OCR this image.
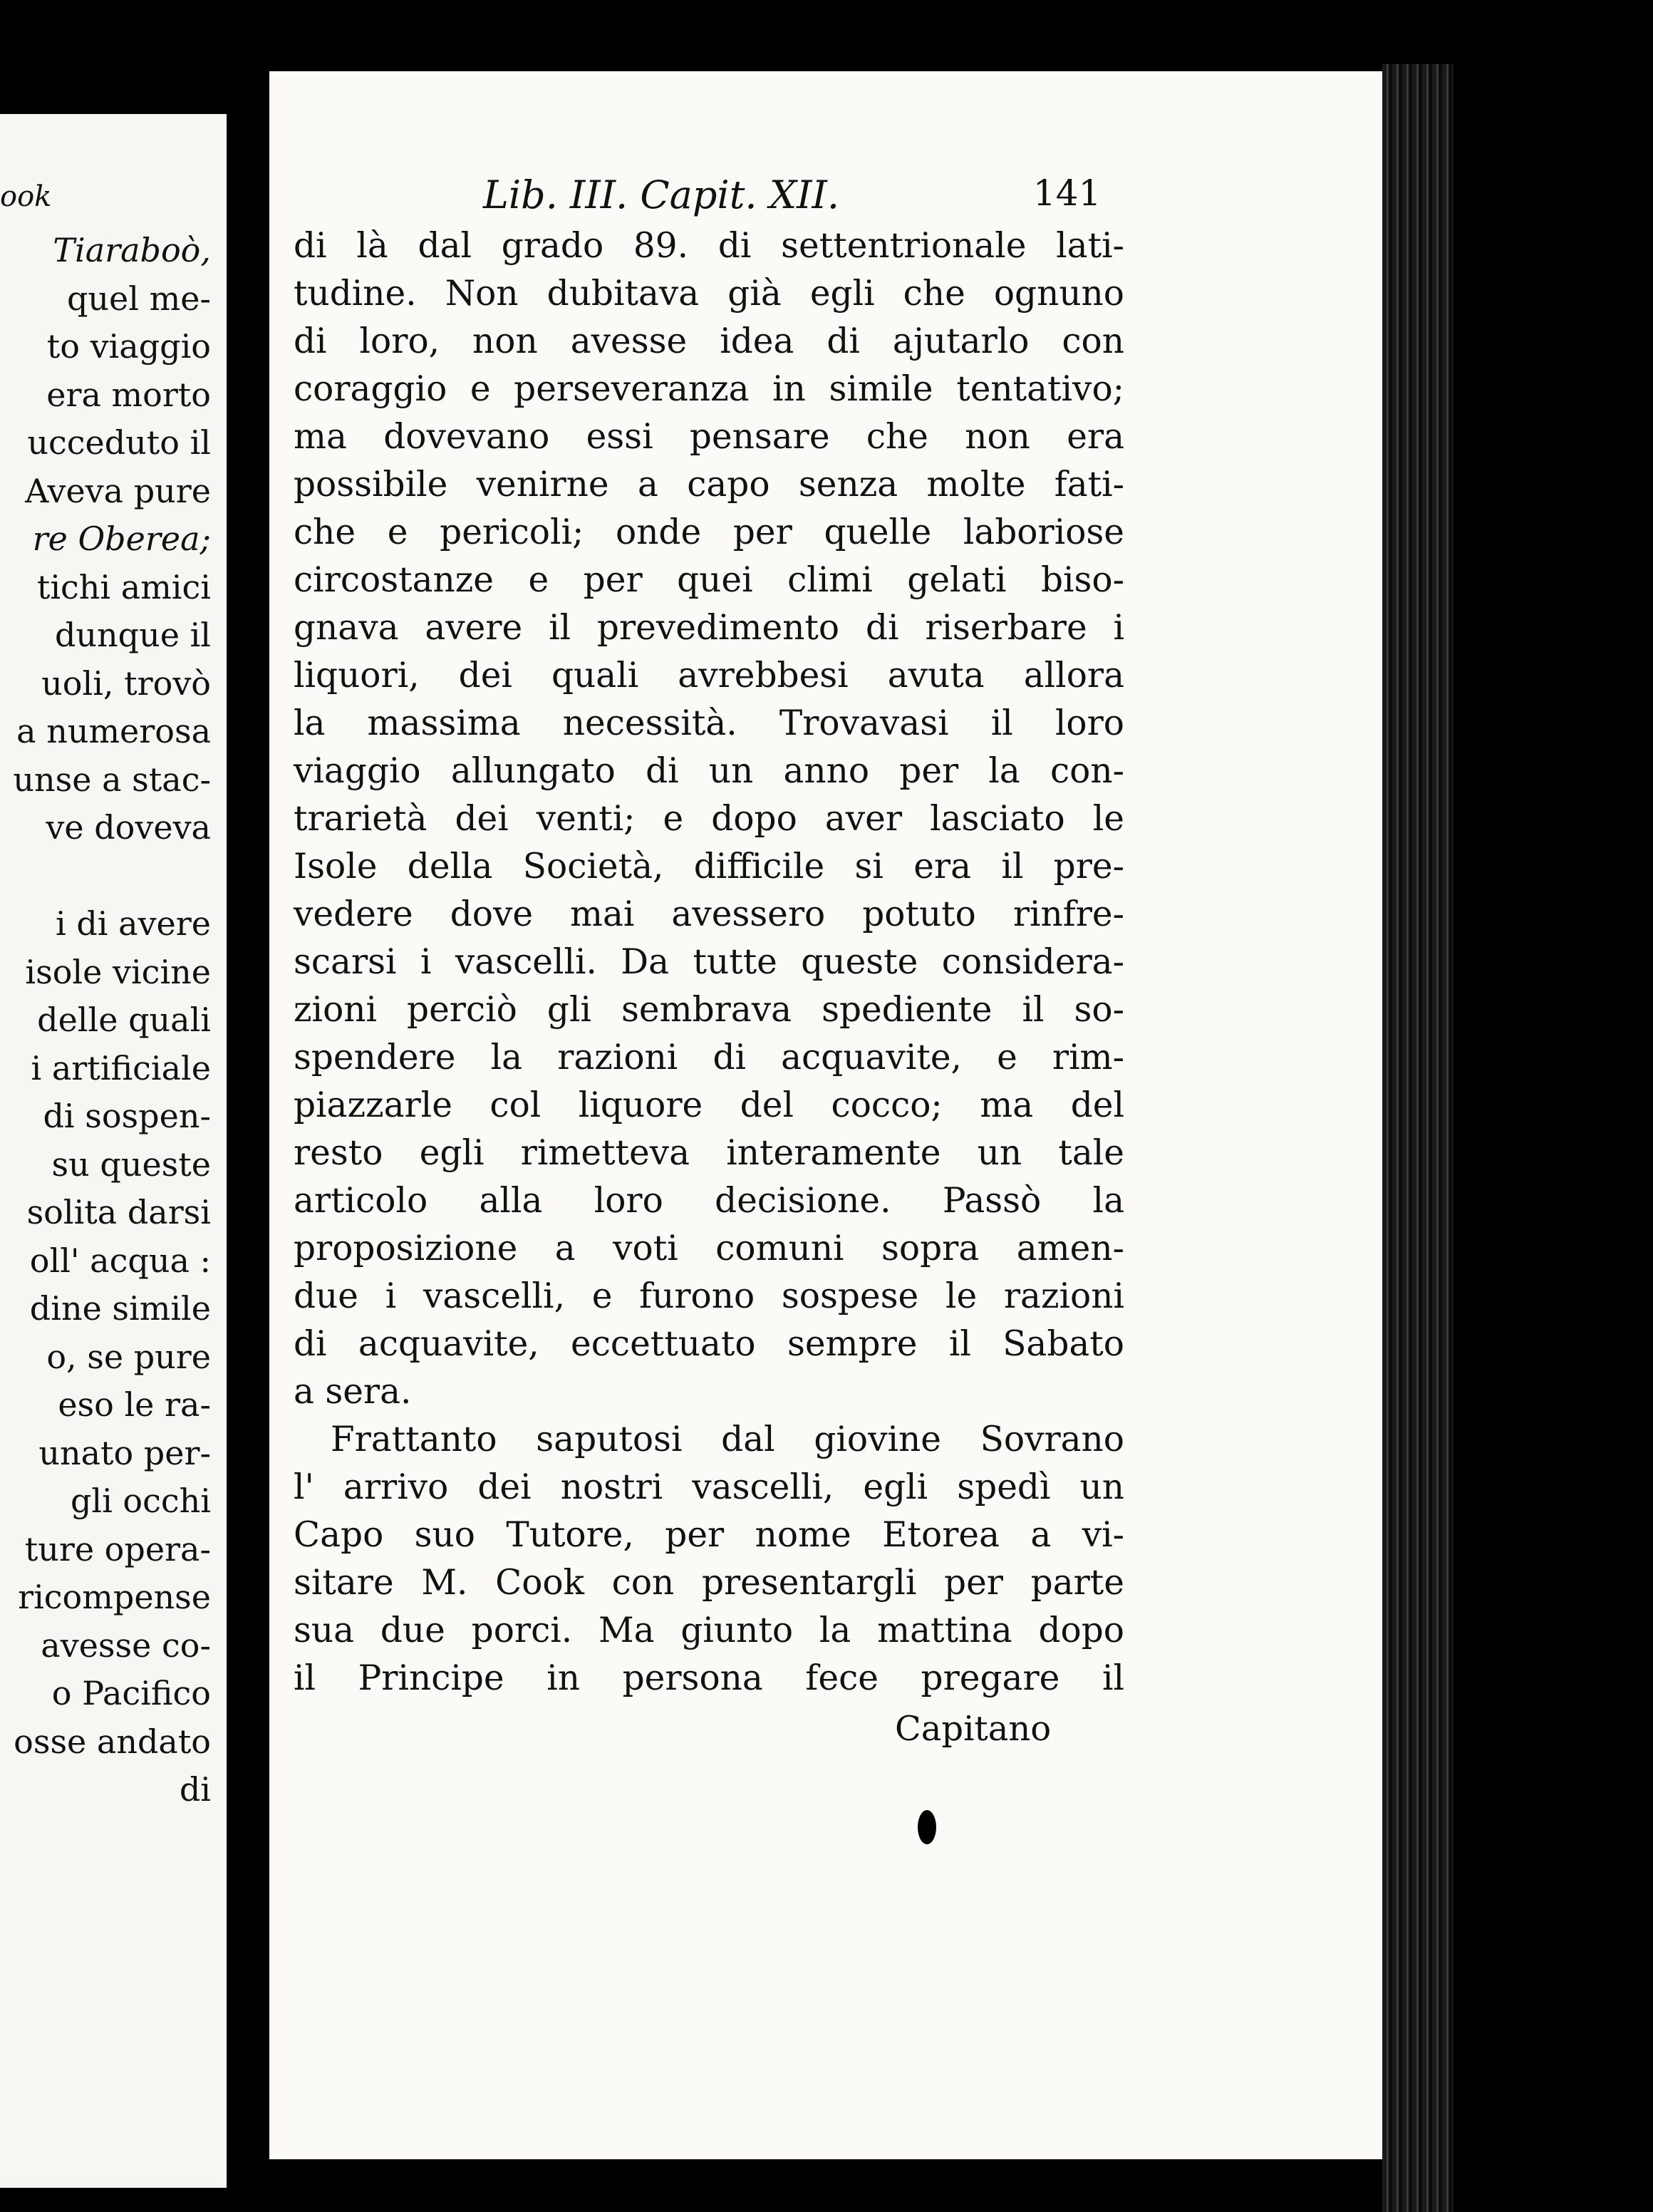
ook
Tiaraboò,
quel me-
to viaggio
era morto
ucceduto il
Aveva pure
re Oberea;
tichi amici
dunque il
uoli, trovò
a numerosa
unse a stac-
ve doveva
i di avere
isole vicine
delle quali
i artificiale
di sospen-
su queste
solita darsi
oll' acqua :
dine simile
o, se pure
eso le ra-
unato per-
gli occhi
ture opera-
ricompense
avesse co-
o Pacifico
osse andato
di
Lib. III. Capit. XII.	141
di là dal grado 89. di settentrionale lati-
tudine. Non dubitava già egli che ognuno
di loro, non avesse idea di ajutarlo con
coraggio e perseveranza in simile tentativo;
ma dovevano essi pensare che non era
possibile venirne a capo senza molte fati-
che e pericoli; onde per quelle laboriose
circostanze e per quei climi gelati biso-
gnava avere il prevedimento di riserbare i
liquori, dei quali avrebbesi avuta allora
la massima necessità. Trovavasi il loro
viaggio allungato di un anno per la con-
trarietà dei venti; e dopo aver lasciato le
Isole della Società, difficile si era il pre-
vedere dove mai avessero potuto rinfre-
scarsi i vascelli. Da tutte queste considera-
zioni perciò gli sembrava spediente il so-
spendere la razioni di acquavite, e rim-
piazzarle col liquore del cocco; ma del
resto egli rimetteva interamente un tale
articolo alla loro decisione. Passò la
proposizione a voti comuni sopra amen-
due i vascelli, e furono sospese le razioni
di acquavite, eccettuato sempre il Sabato
a sera.
Frattanto saputosi dal giovine Sovrano
l' arrivo dei nostri vascelli, egli spedì un
Capo suo Tutore, per nome Etorea a vi-
sitare M. Cook con presentargli per parte
sua due porci. Ma giunto la mattina dopo
il Principe in persona fece pregare il
Capitano
